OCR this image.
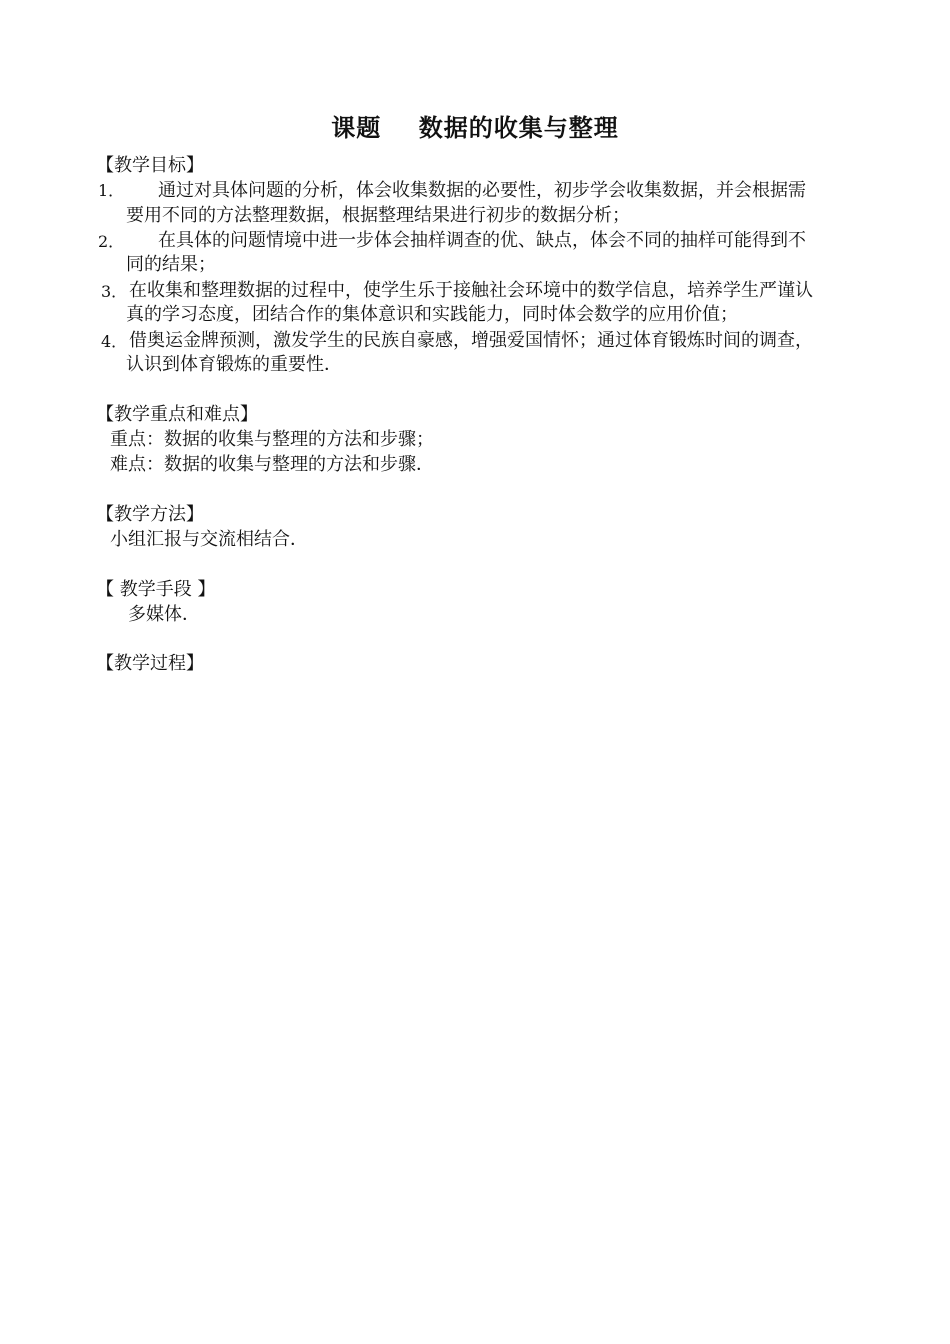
课题    数据的收集与整理
【教学目标】
1． 通过对具体问题的分析，体会收集数据的必要性，初步学会收集数据，并会根据需
要用不同的方法整理数据，根据整理结果进行初步的数据分析；
2． 在具体的问题情境中进一步体会抽样调查的优、缺点，体会不同的抽样可能得到不
同的结果；
3． 在收集和整理数据的过程中，使学生乐于接触社会环境中的数学信息，培养学生严谨认
真的学习态度，团结合作的集体意识和实践能力，同时体会数学的应用价值；
4． 借奥运金牌预测，激发学生的民族自豪感，增强爱国情怀；通过体育锻炼时间的调查，
认识到体育锻炼的重要性．
【教学重点和难点】
重点：数据的收集与整理的方法和步骤；
难点：数据的收集与整理的方法和步骤．
【教学方法】
小组汇报与交流相结合．
【 教学手段 】
多媒体．
【教学过程】
